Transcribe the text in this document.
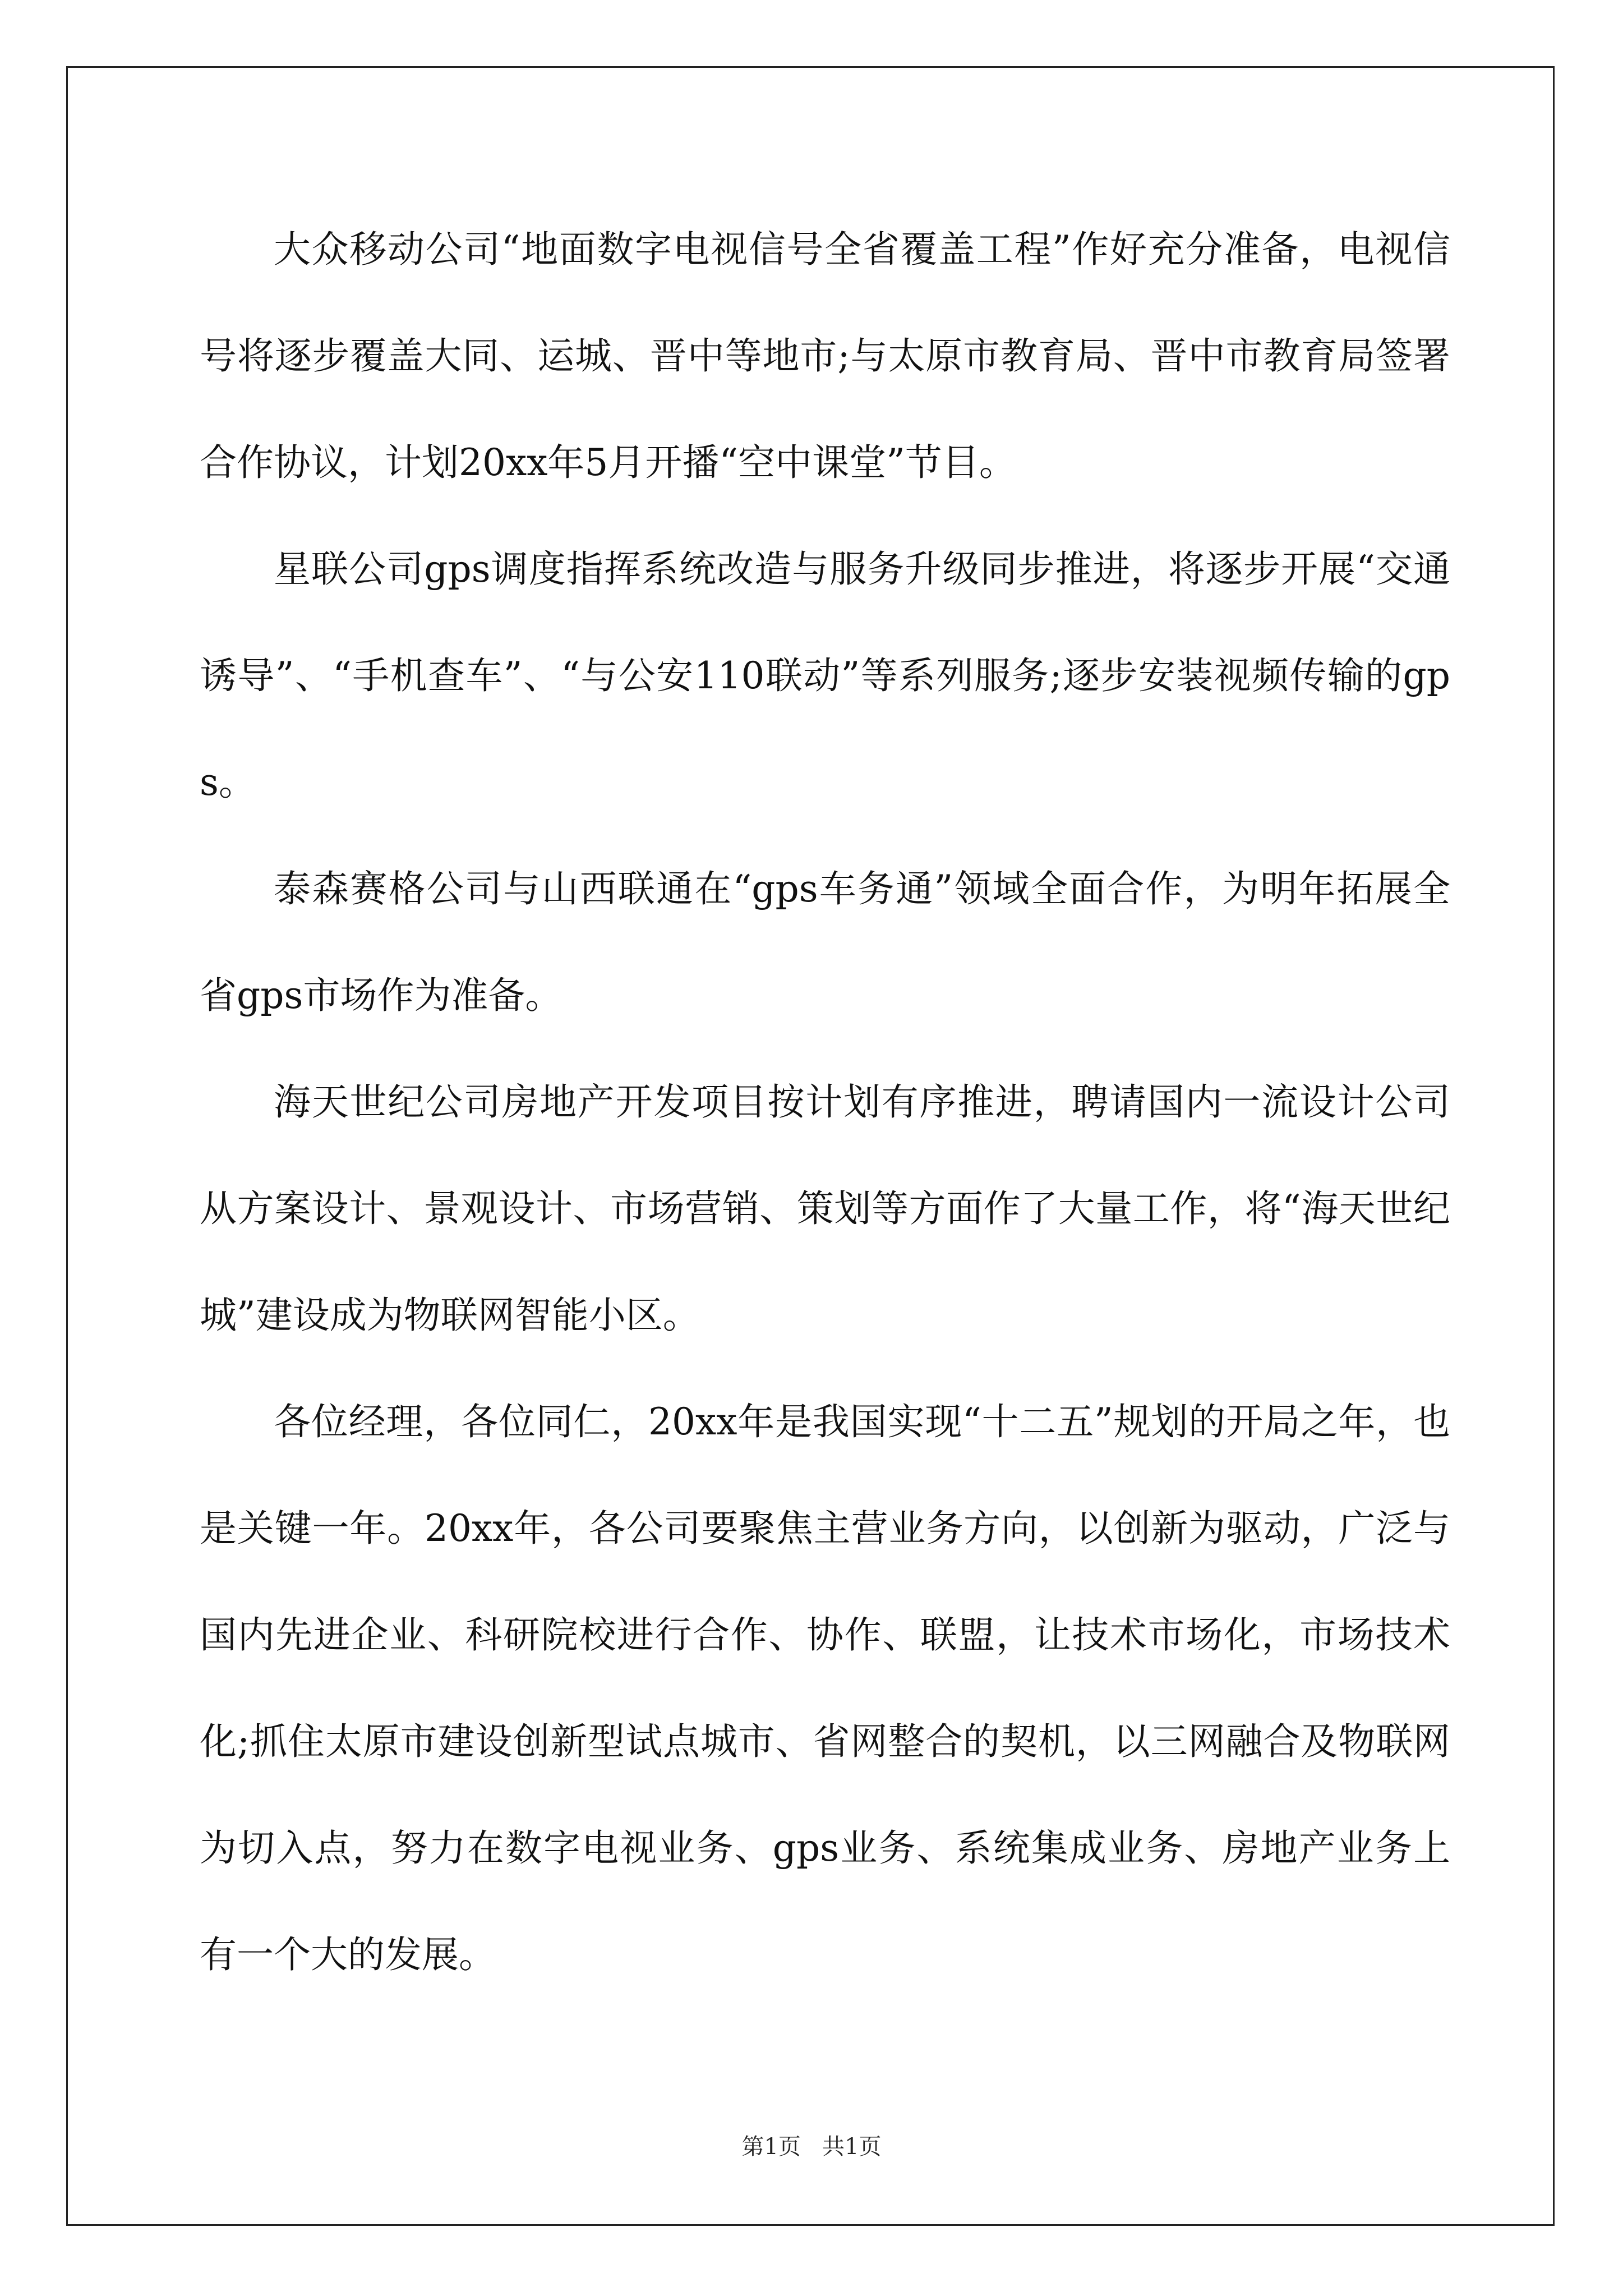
大众移动公司“地面数字电视信号全省覆盖工程”作好充分准备，电视信号将逐步覆盖大同、运城、晋中等地市;与太原市教育局、晋中市教育局签署合作协议，计划20xx年5月开播“空中课堂”节目。

星联公司gps调度指挥系统改造与服务升级同步推进，将逐步开展“交通诱导”、“手机查车”、“与公安110联动”等系列服务;逐步安装视频传输的gps。

泰森赛格公司与山西联通在“gps车务通”领域全面合作，为明年拓展全省gps市场作为准备。

海天世纪公司房地产开发项目按计划有序推进，聘请国内一流设计公司从方案设计、景观设计、市场营销、策划等方面作了大量工作，将“海天世纪城”建设成为物联网智能小区。

各位经理，各位同仁，20xx年是我国实现“十二五”规划的开局之年，也是关键一年。20xx年，各公司要聚焦主营业务方向，以创新为驱动，广泛与国内先进企业、科研院校进行合作、协作、联盟，让技术市场化，市场技术化;抓住太原市建设创新型试点城市、省网整合的契机，以三网融合及物联网为切入点，努力在数字电视业务、gps业务、系统集成业务、房地产业务上有一个大的发展。

第1页   共1页
